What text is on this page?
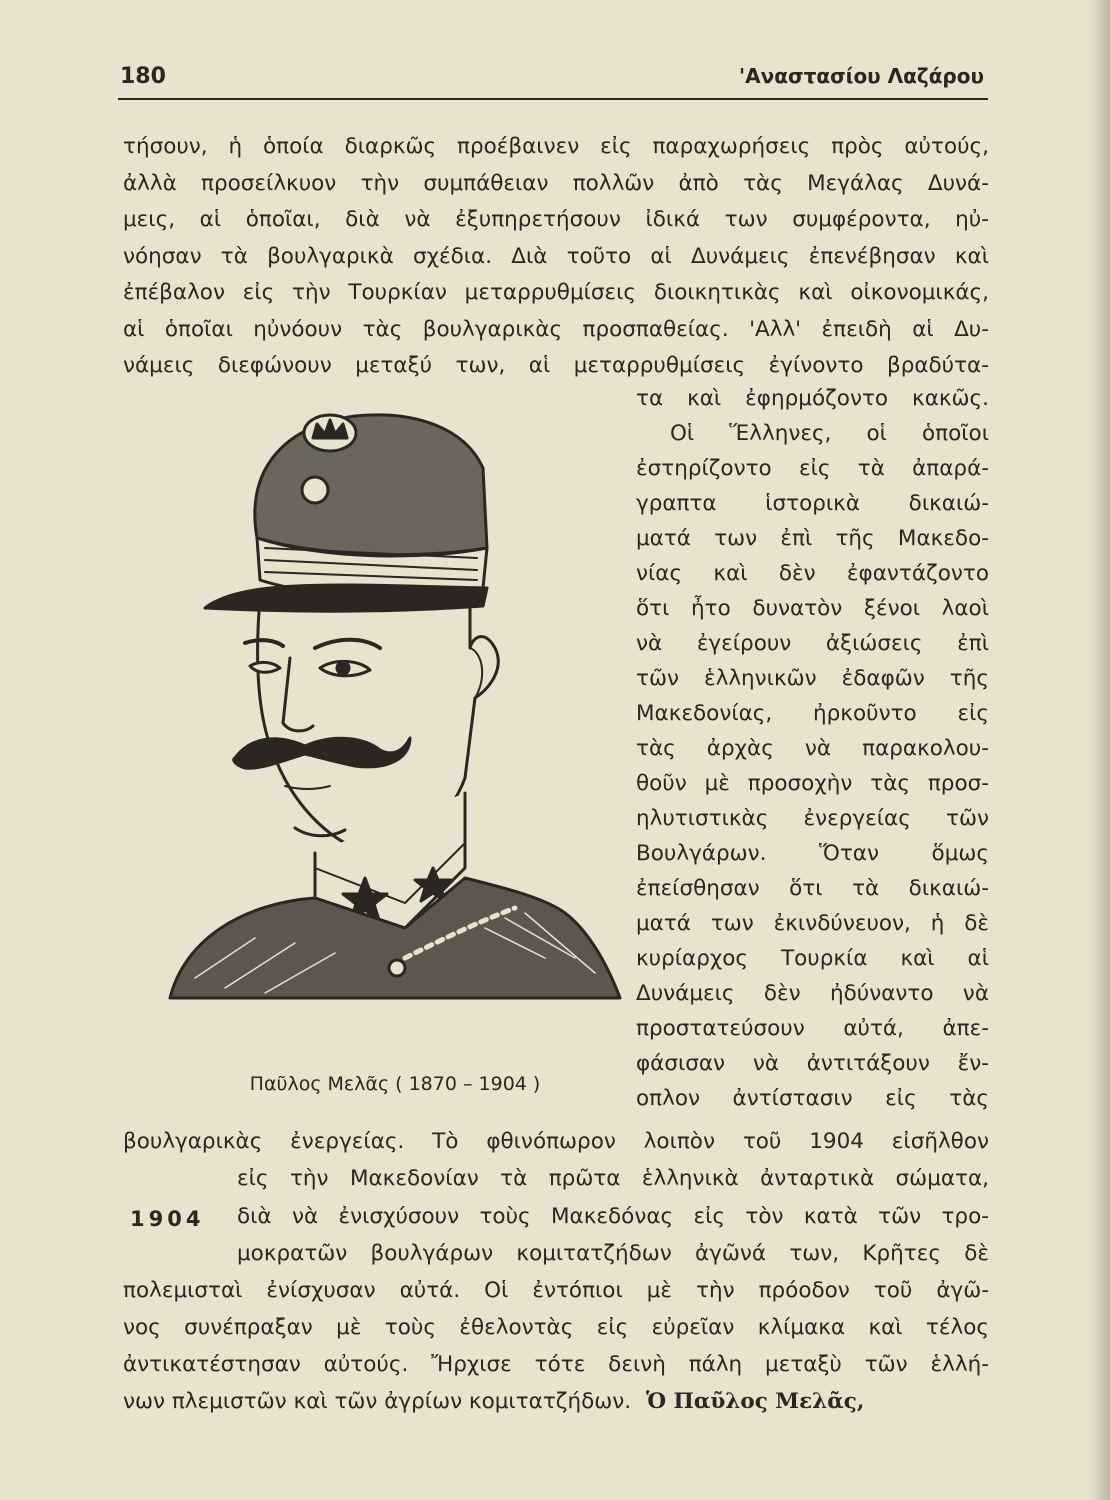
180	'Αναστασίου Λαζάρου
τήσουν, ἡ ὁποία διαρκῶς προέβαινεν εἰς παραχωρήσεις πρὸς αὐτούς,
ἀλλὰ προσείλκυον τὴν συμπάθειαν πολλῶν ἀπὸ τὰς Μεγάλας Δυνά-
μεις, αἱ ὁποῖαι, διὰ νὰ ἐξυπηρετήσουν ἰδικά των συμφέροντα, ηὐ-
νόησαν τὰ βουλγαρικὰ σχέδια. Διὰ τοῦτο αἱ Δυνάμεις ἐπενέβησαν καὶ
ἐπέβαλον εἰς τὴν Τουρκίαν μεταρρυθμίσεις διοικητικὰς καὶ οἰκονομικάς,
αἱ ὁποῖαι ηὐνόουν τὰς βουλγαρικὰς προσπαθείας. 'Αλλ' ἐπειδὴ αἱ Δυ-
νάμεις διεφώνουν μεταξύ των, αἱ μεταρρυθμίσεις ἐγίνοντο βραδύτα-
τα καὶ ἐφηρμόζοντο κακῶς.
Οἱ Ἕλληνες, οἱ ὁποῖοι
ἐστηρίζοντο εἰς τὰ ἀπαρά-
γραπτα ἱστορικὰ δικαιώ-
ματά των ἐπὶ τῆς Μακεδο-
νίας καὶ δὲν ἐφαντάζοντο
ὅτι ἦτο δυνατὸν ξένοι λαοὶ
νὰ ἐγείρουν ἀξιώσεις ἐπὶ
τῶν ἑλληνικῶν ἐδαφῶν τῆς
Μακεδονίας, ἠρκοῦντο εἰς
τὰς ἀρχὰς νὰ παρακολου-
θοῦν μὲ προσοχὴν τὰς προσ-
ηλυτιστικὰς ἐνεργείας τῶν
Βουλγάρων. Ὅταν ὅμως
ἐπείσθησαν ὅτι τὰ δικαιώ-
ματά των ἐκινδύνευον, ἡ δὲ
κυρίαρχος Τουρκία καὶ αἱ
Δυνάμεις δὲν ἠδύναντο νὰ
προστατεύσουν αὐτά, ἀπε-
φάσισαν νὰ ἀντιτάξουν ἔν-
οπλον ἀντίστασιν εἰς τὰς
Παῦλος Μελᾶς ( 1870 – 1904 )
βουλγαρικὰς ἐνεργείας. Τὸ φθινόπωρον λοιπὸν τοῦ 1904 εἰσῆλθον
εἰς τὴν Μακεδονίαν τὰ πρῶτα ἑλληνικὰ ἀνταρτικὰ σώματα,
1904 διὰ νὰ ἐνισχύσουν τοὺς Μακεδόνας εἰς τὸν κατὰ τῶν τρο-
μοκρατῶν βουλγάρων κομιτατζήδων ἀγῶνά των, Κρῆτες δὲ
πολεμισταὶ ἐνίσχυσαν αὐτά. Οἱ ἐντόπιοι μὲ τὴν πρόοδον τοῦ ἀγῶ-
νος συνέπραξαν μὲ τοὺς ἐθελοντὰς εἰς εὐρεῖαν κλίμακα καὶ τέλος
ἀντικατέστησαν αὐτούς. Ἤρχισε τότε δεινὴ πάλη μεταξὺ τῶν ἑλλή-
νων πλεμιστῶν καὶ τῶν ἀγρίων κομιτατζήδων. Ὁ Παῦλος Μελᾶς,
